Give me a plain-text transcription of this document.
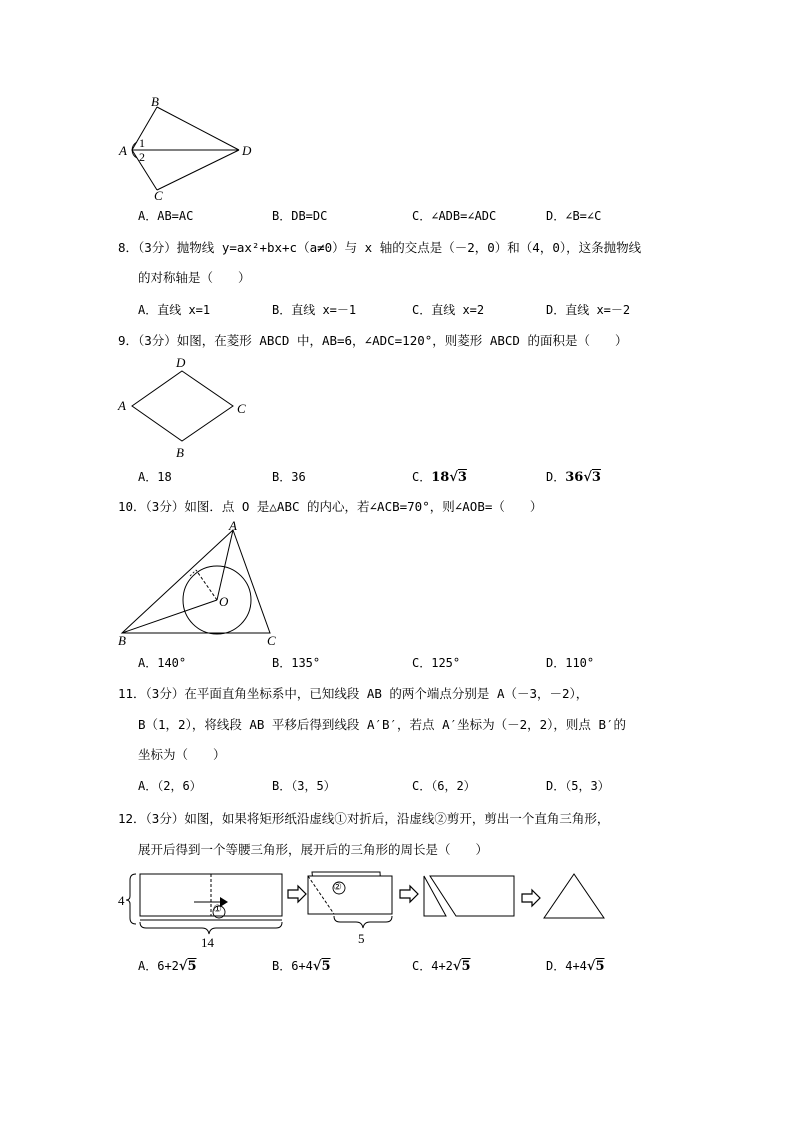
B
A
C
D
1
2
A．AB=AC	B．DB=DC	C．∠ADB=∠ADC	D．∠B=∠C
8．（3分）抛物线 y=ax²+bx+c（a≠0）与 x 轴的交点是（－2，0）和（4，0），这条抛物线
的对称轴是（　　）
A．直线 x=1	B．直线 x=－1	C．直线 x=2	D．直线 x=－2
9．（3分）如图，在菱形 ABCD 中，AB=6，∠ADC=120°，则菱形 ABCD 的面积是（　　）
D
A	C
B
A．18	B．36	C．18√3	D．36√3
10．（3分）如图．点 O 是△ABC 的内心，若∠ACB=70°，则∠AOB=（　　）
A
O
B	C
A．140°	B．135°	C．125°	D．110°
11．（3分）在平面直角坐标系中，已知线段 AB 的两个端点分别是 A（－3，－2），
B（1，2），将线段 AB 平移后得到线段 A′B′，若点 A′坐标为（－2，2），则点 B′的
坐标为（　　）
A．（2，6）	B．（3，5）	C．（6，2）	D．（5，3）
12．（3分）如图，如果将矩形纸沿虚线①对折后，沿虚线②剪开，剪出一个直角三角形，
展开后得到一个等腰三角形，展开后的三角形的周长是（　　）
4
14	5
①
②
A．6+2√5	B．6+4√5	C．4+2√5	D．4+4√5
